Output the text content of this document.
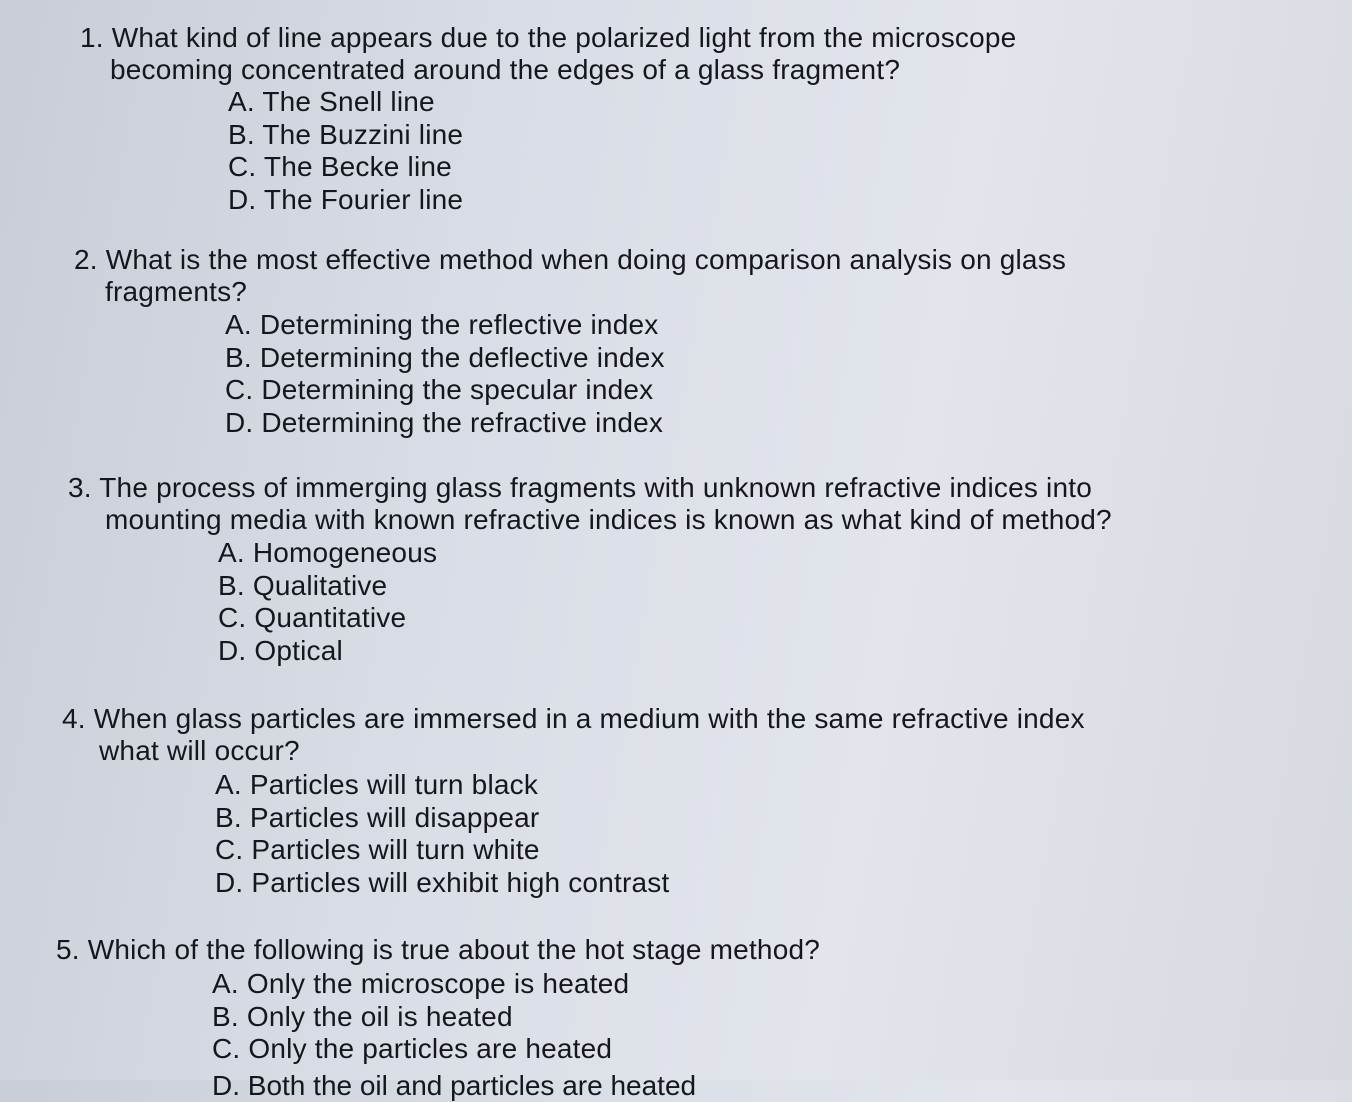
1. What kind of line appears due to the polarized light from the microscope
becoming concentrated around the edges of a glass fragment?
A. The Snell line
B. The Buzzini line
C. The Becke line
D. The Fourier line
2. What is the most effective method when doing comparison analysis on glass
fragments?
A. Determining the reflective index
B. Determining the deflective index
C. Determining the specular index
D. Determining the refractive index
3. The process of immerging glass fragments with unknown refractive indices into
mounting media with known refractive indices is known as what kind of method?
A. Homogeneous
B. Qualitative
C. Quantitative
D. Optical
4. When glass particles are immersed in a medium with the same refractive index
what will occur?
A. Particles will turn black
B. Particles will disappear
C. Particles will turn white
D. Particles will exhibit high contrast
5. Which of the following is true about the hot stage method?
A. Only the microscope is heated
B. Only the oil is heated
C. Only the particles are heated
D. Both the oil and particles are heated
